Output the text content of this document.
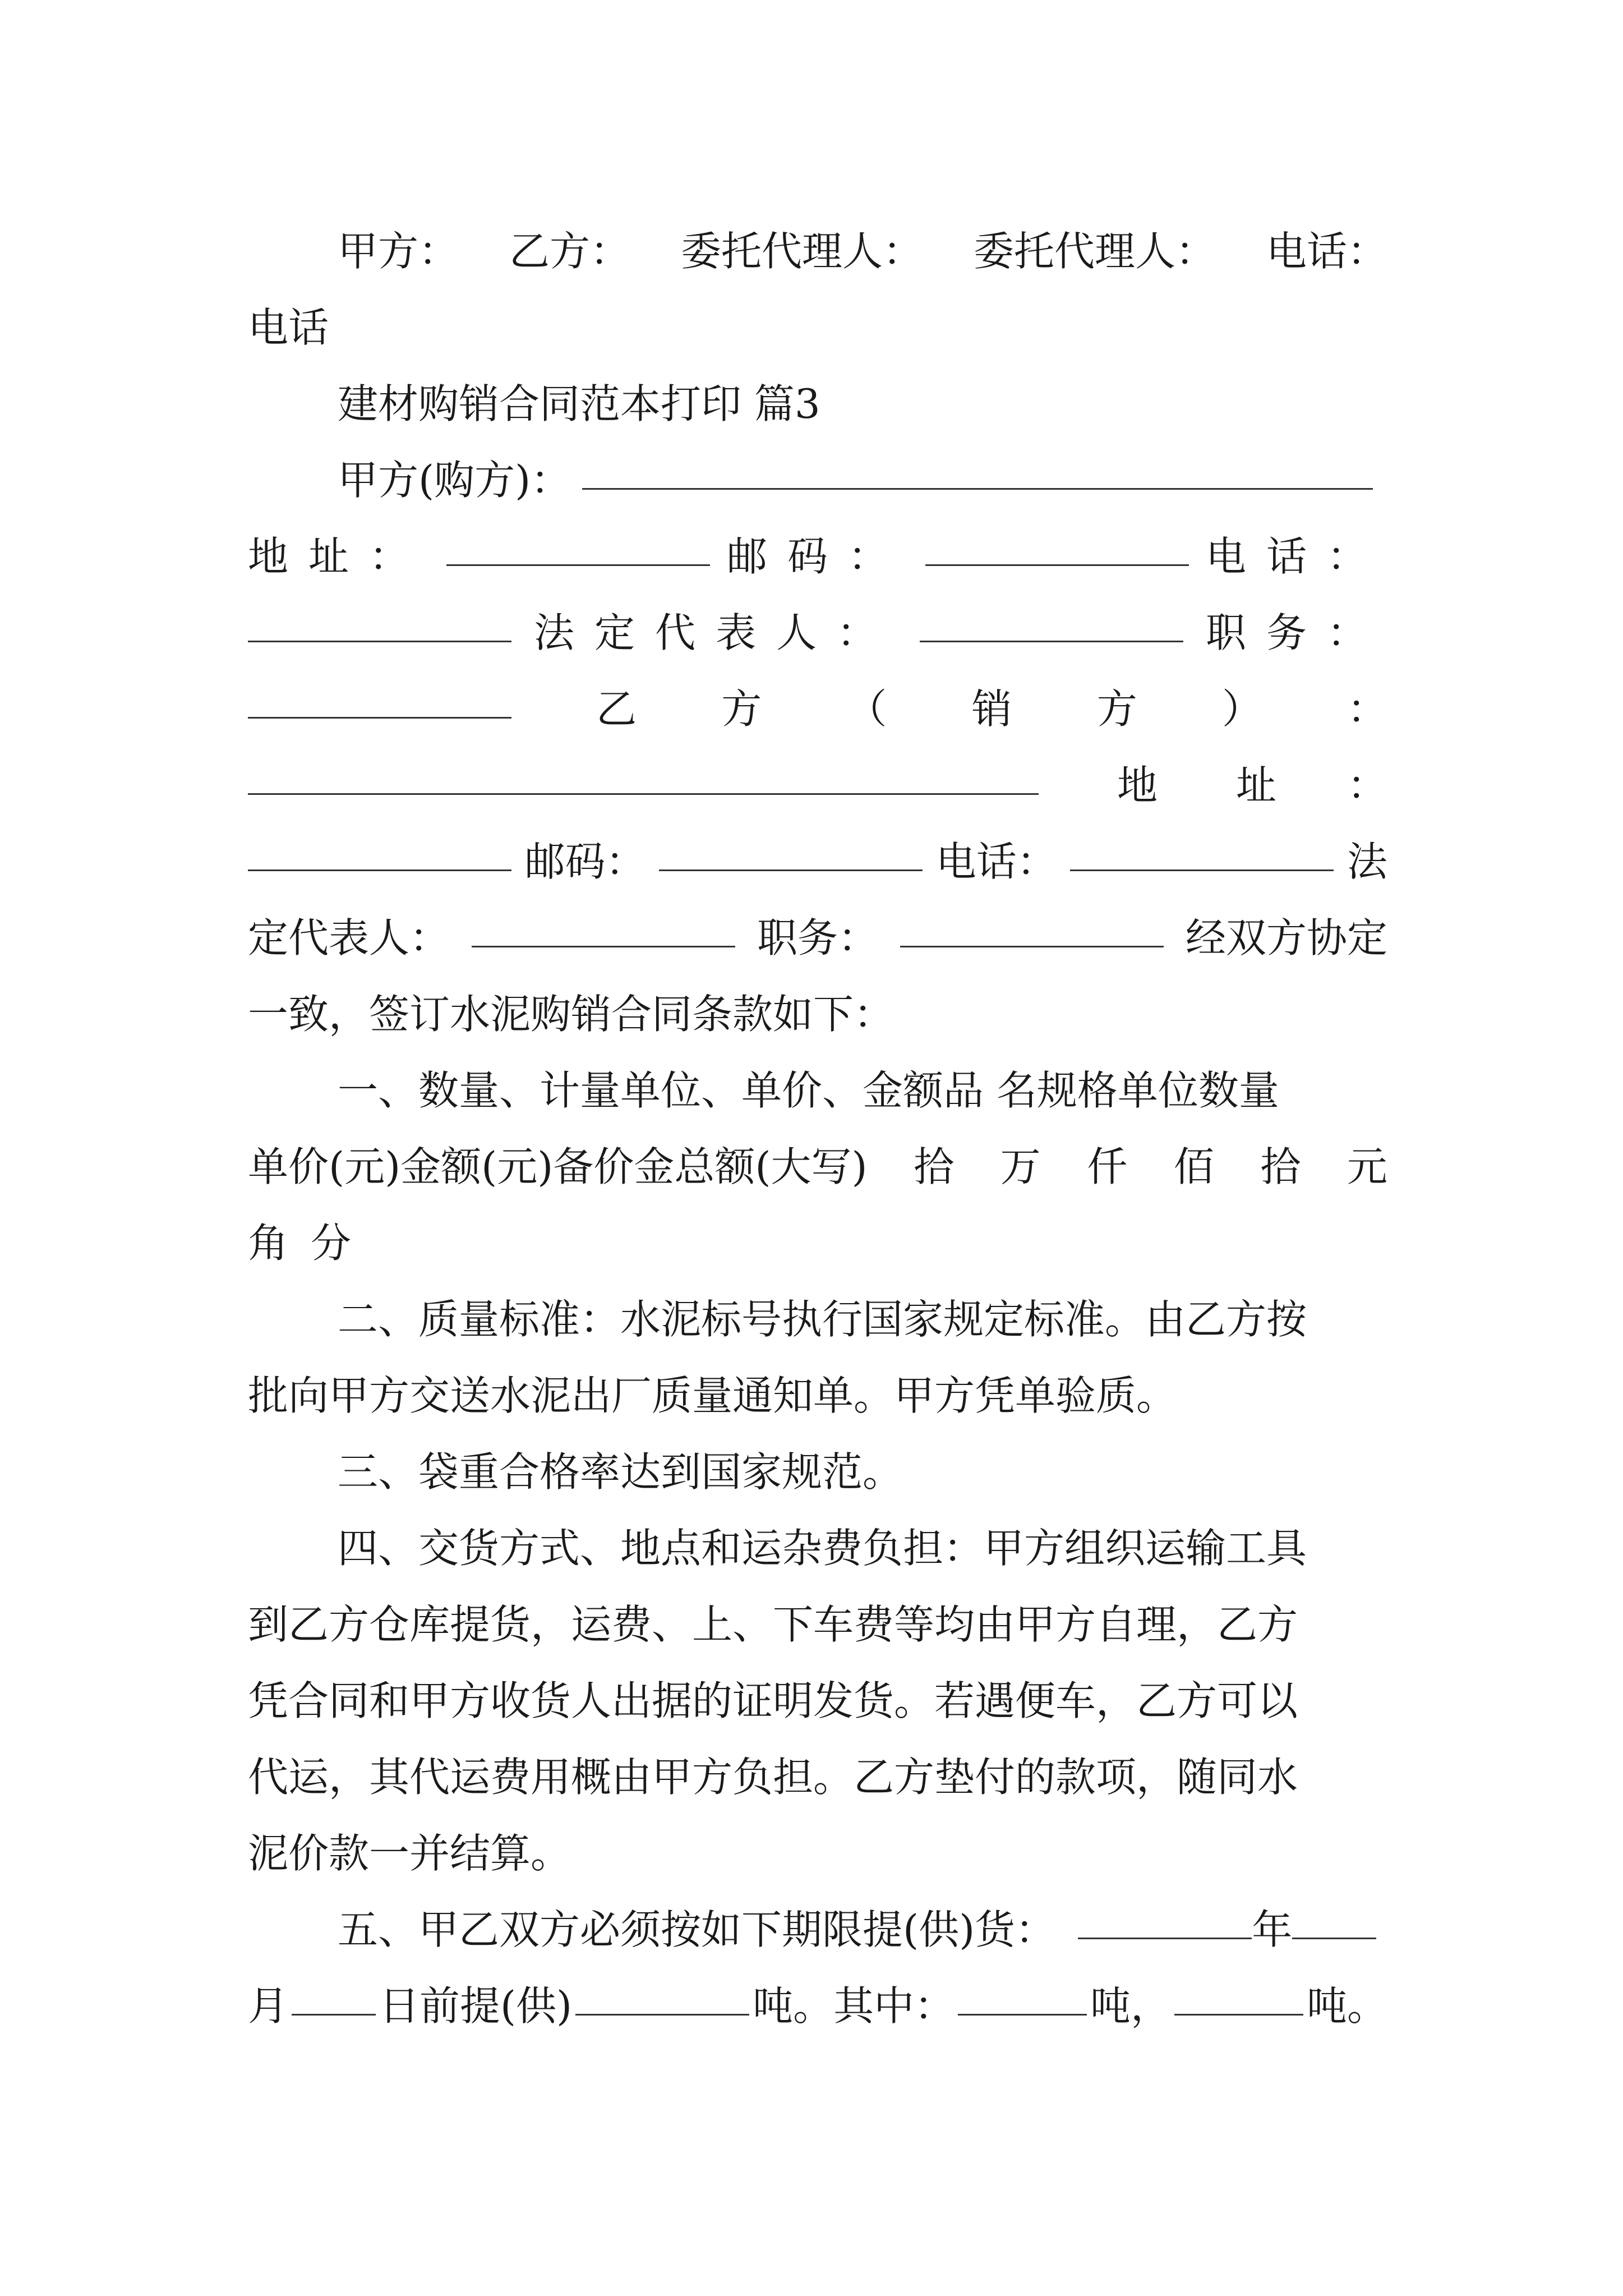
甲方： 乙方： 委托代理人： 委托代理人： 电话：
电话
建材购销合同范本打印 篇3
甲方(购方)：
地址：	邮码：	电话：
法定代表人：	职务：
乙 方 （ 销 方 ） ：
地 址 ：
邮码：	电话：	法
定代表人：	职务：	经双方协定
一致，签订水泥购销合同条款如下：
一、数量、计量单位、单价、金额品 名规格单位数量
单价(元)金额(元)备价金总额(大写) 拾 万 仟 佰 拾 元
角 分
二、质量标准：水泥标号执行国家规定标准。由乙方按
批向甲方交送水泥出厂质量通知单。甲方凭单验质。
三、袋重合格率达到国家规范。
四、交货方式、地点和运杂费负担：甲方组织运输工具
到乙方仓库提货，运费、上、下车费等均由甲方自理，乙方
凭合同和甲方收货人出据的证明发货。若遇便车，乙方可以
代运，其代运费用概由甲方负担。乙方垫付的款项，随同水
泥价款一并结算。
五、甲乙双方必须按如下期限提(供)货：	年
月 日前提(供)	吨。其中：	吨，	吨。
